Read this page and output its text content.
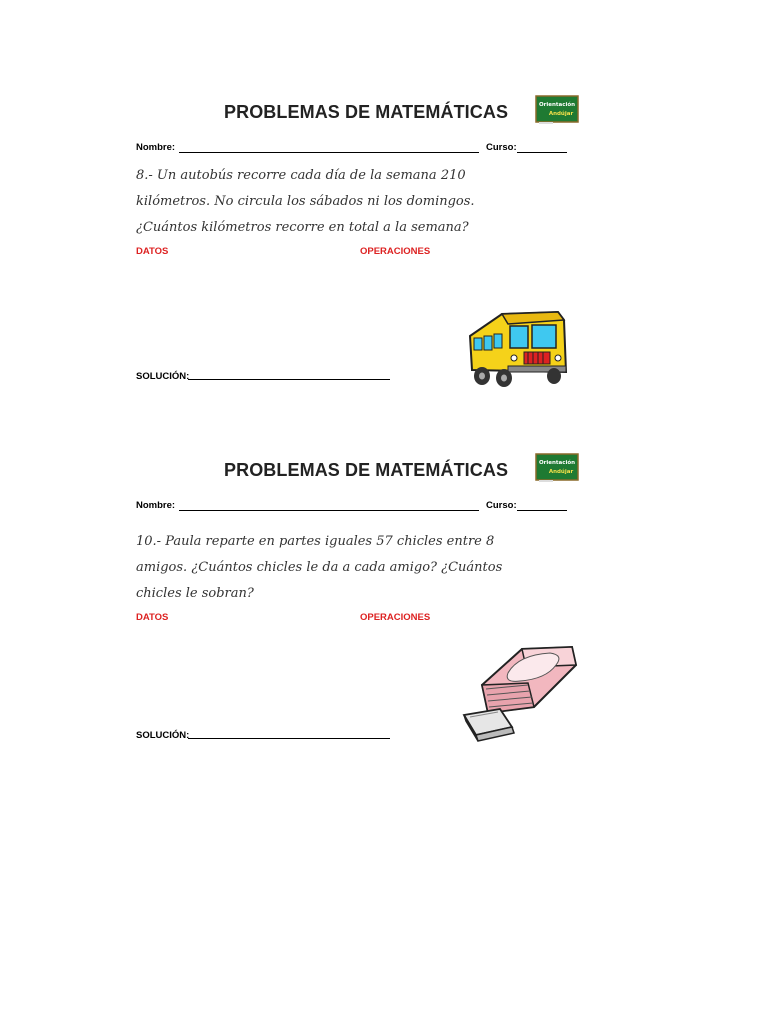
PROBLEMAS DE MATEMÁTICAS	Orientación
Andújar
Nombre:	Curso:
8.- Un autobús recorre cada día de la semana 210
kilómetros. No circula los sábados ni los domingos.
¿Cuántos kilómetros recorre en total a la semana?
DATOS	OPERACIONES
SOLUCIÓN:
PROBLEMAS DE MATEMÁTICAS	Orientación
Andújar
Nombre:	Curso:
10.- Paula reparte en partes iguales 57 chicles entre 8
amigos. ¿Cuántos chicles le da a cada amigo? ¿Cuántos
chicles le sobran?
DATOS	OPERACIONES
SOLUCIÓN:
